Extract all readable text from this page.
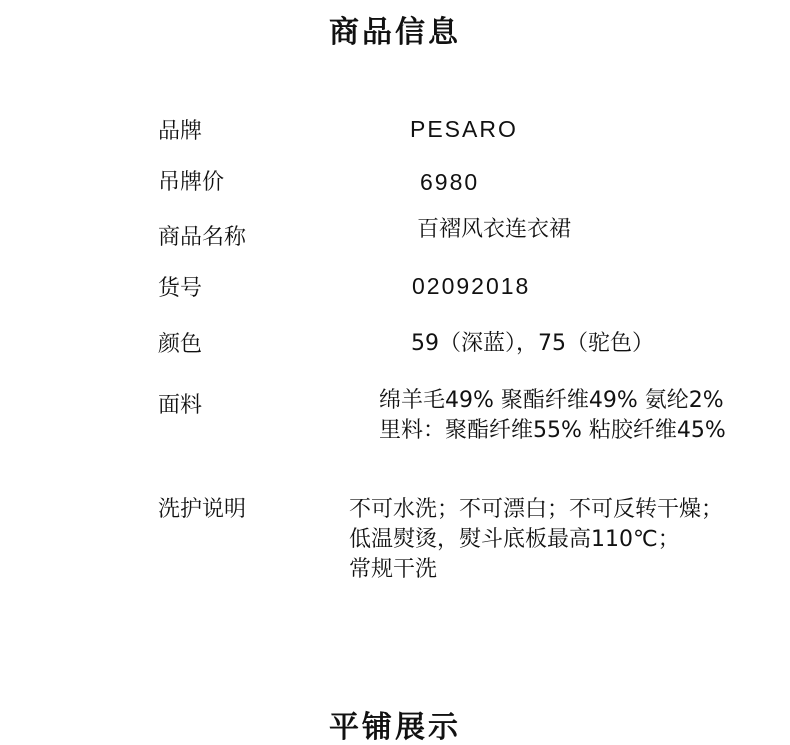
商品信息
品牌	PESARO
吊牌价	6980
商品名称	百褶风衣连衣裙
货号	02092018
颜色	59（深蓝），75（驼色）
面料	绵羊毛49% 聚酯纤维49% 氨纶2%
里料：聚酯纤维55% 粘胶纤维45%
洗护说明	不可水洗；不可漂白；不可反转干燥；
低温熨烫，熨斗底板最高110℃；
常规干洗
平铺展示
